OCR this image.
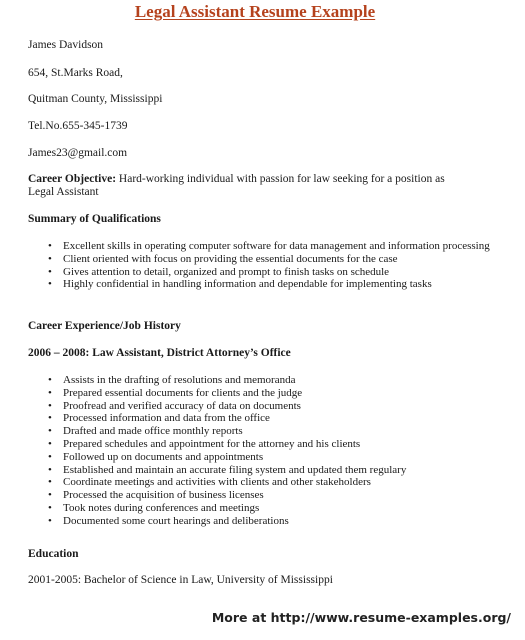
Legal Assistant Resume Example
James Davidson
654, St.Marks Road,
Quitman County, Mississippi
Tel.No.655-345-1739
James23@gmail.com
Career Objective: Hard-working individual with passion for law seeking for a position as Legal Assistant
Summary of Qualifications
• Excellent skills in operating computer software for data management and information processing
• Client oriented with focus on providing the essential documents for the case
• Gives attention to detail, organized and prompt to finish tasks on schedule
• Highly confidential in handling information and dependable for implementing tasks
Career Experience/Job History
2006 – 2008: Law Assistant, District Attorney’s Office
• Assists in the drafting of resolutions and memoranda
• Prepared essential documents for clients and the judge
• Proofread and verified accuracy of data on documents
• Processed information and data from the office
• Drafted and made office monthly reports
• Prepared schedules and appointment for the attorney and his clients
• Followed up on documents and appointments
• Established and maintain an accurate filing system and updated them regulary
• Coordinate meetings and activities with clients and other stakeholders
• Processed the acquisition of business licenses
• Took notes during conferences and meetings
• Documented some court hearings and deliberations
Education
2001-2005: Bachelor of Science in Law, University of Mississippi
More at http://www.resume-examples.org/
